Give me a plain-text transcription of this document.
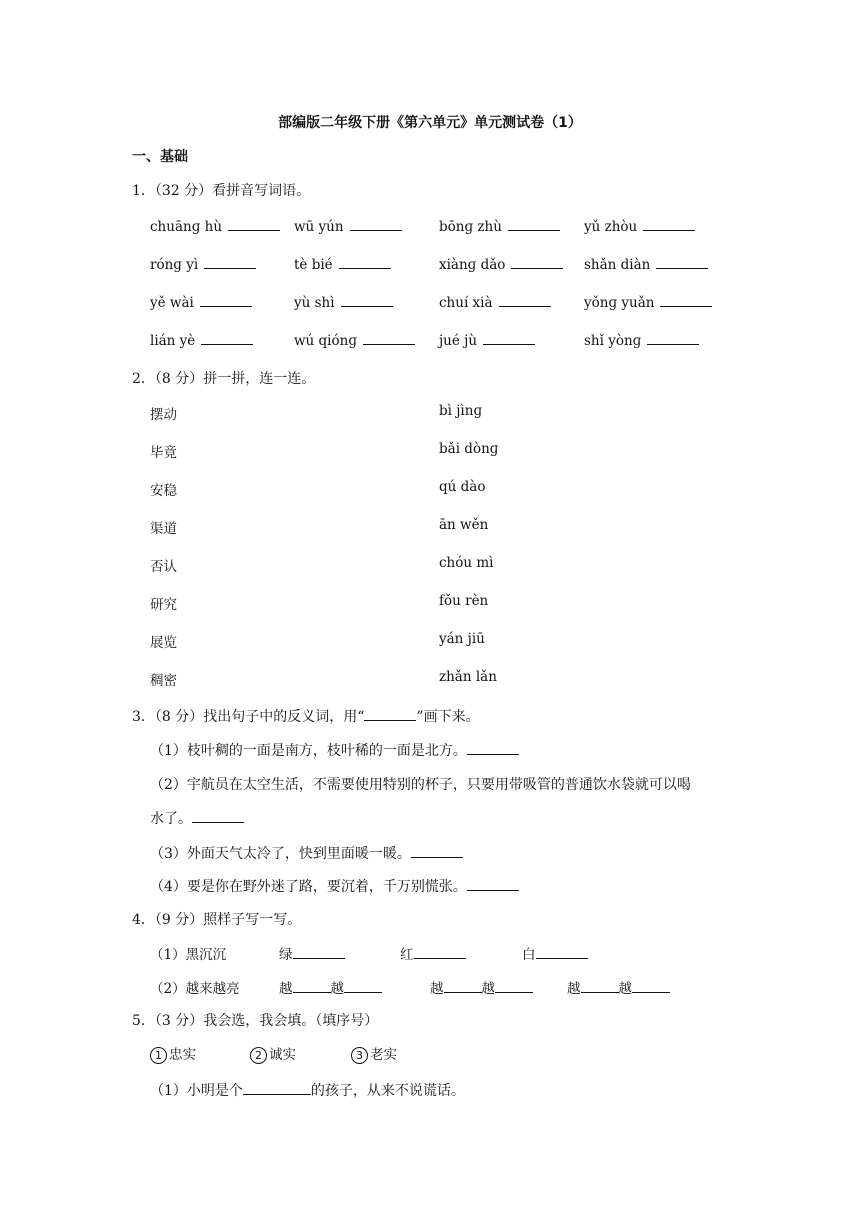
部编版二年级下册《第六单元》单元测试卷（1）
一、基础
1．（32 分）看拼音写词语。
chuānɡ hù	wū yún	bōnɡ zhù	yǔ zhòu
rónɡ yì	tè bié	xiànɡ dǎo	shǎn diàn
yě wài	yù shì	chuí xià	yǒnɡ yuǎn
lián yè	wú qiónɡ	jué jù	shǐ yònɡ
2．（8 分）拼一拼，连一连。
摆动	bì jìnɡ
毕竟	bǎi dònɡ
安稳	qú dào
渠道	ān wěn
否认	chóu mì
研究	fǒu rèn
展览	yán jiū
稠密	zhǎn lǎn
3．（8 分）找出句子中的反义词，用“	”画下来。
（1）枝叶稠的一面是南方，枝叶稀的一面是北方。
（2）宇航员在太空生活，不需要使用特别的杯子，只要用带吸管的普通饮水袋就可以喝
水了。
（3）外面天气太冷了，快到里面暖一暖。
（4）要是你在野外迷了路，要沉着，千万别慌张。
4．（9 分）照样子写一写。
（1）黑沉沉	绿	红	白
（2）越来越亮	越	越	越	越	越	越
5．（3 分）我会选，我会填。（填序号）
1 忠实	2 诚实	3 老实
（1）小明是个	的孩子，从来不说谎话。
